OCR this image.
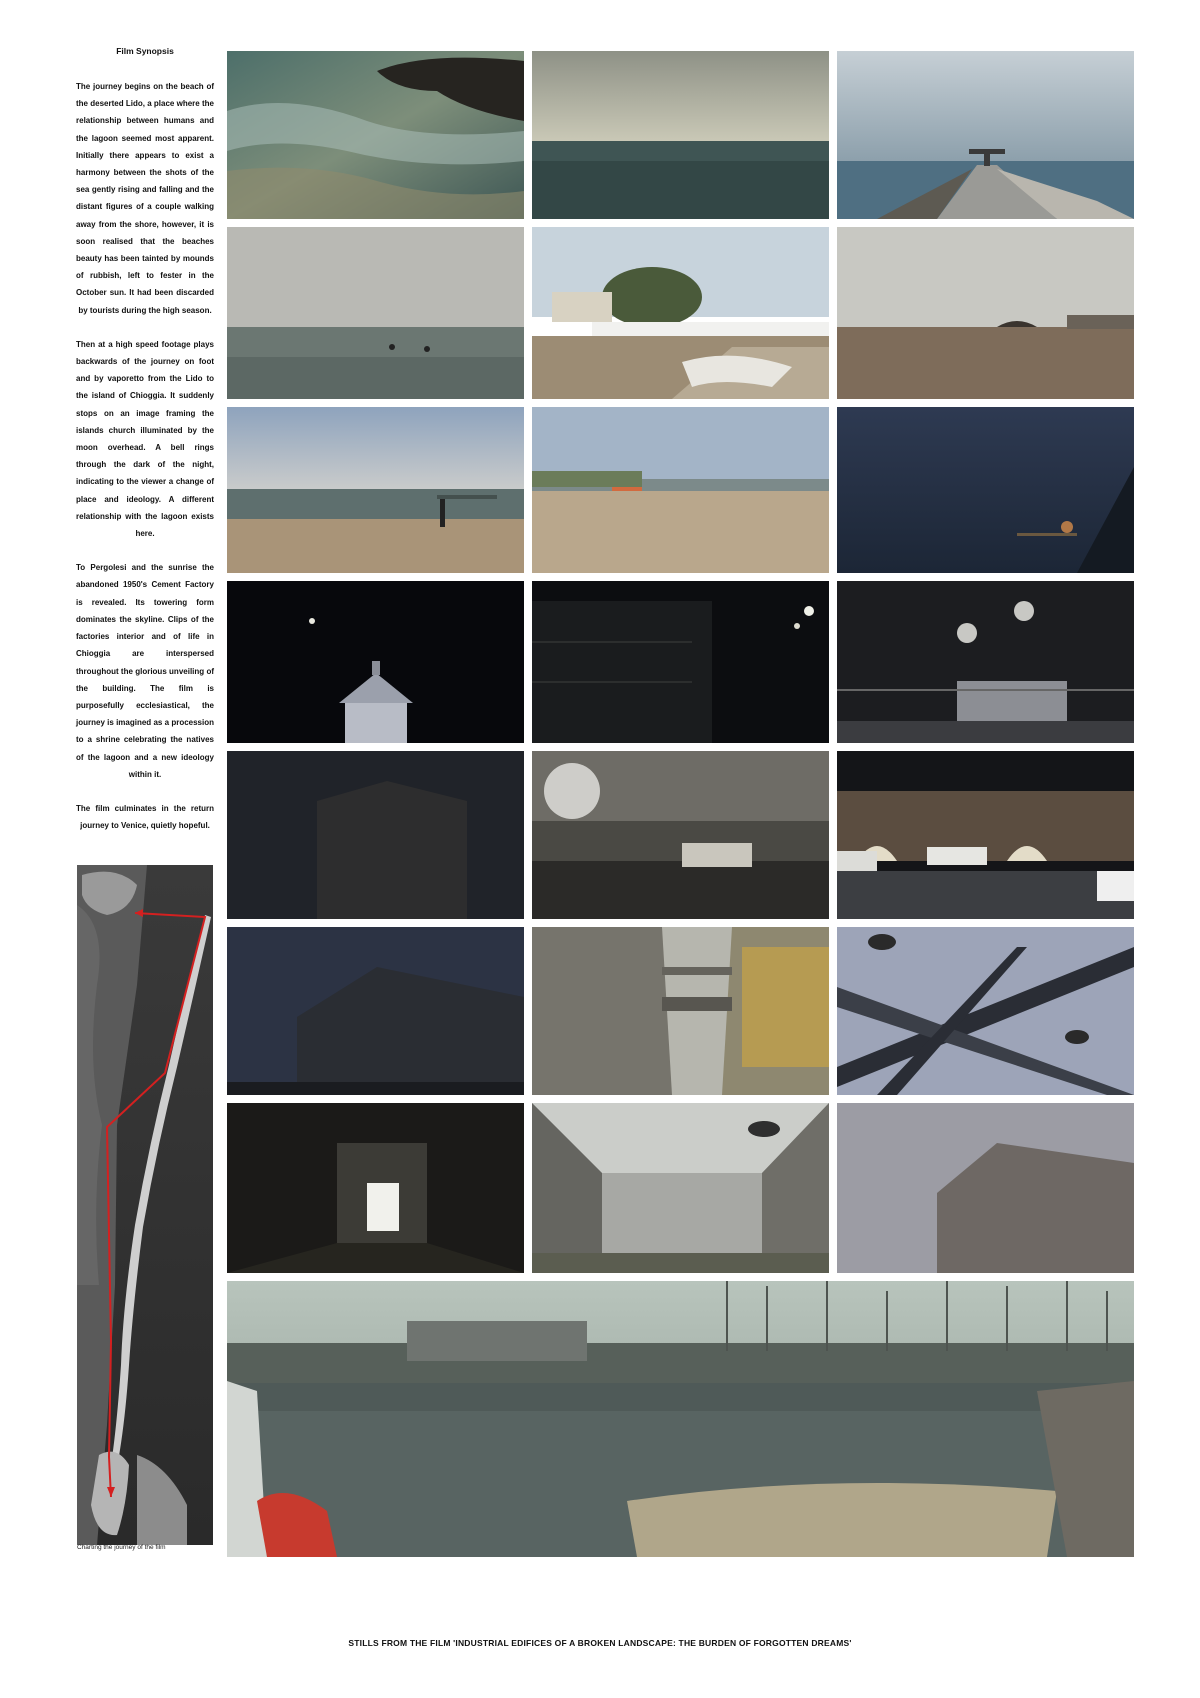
Film Synopsis

The journey begins on the beach of the deserted Lido, a place where the relationship between humans and the lagoon seemed most apparent. Initially there appears to exist a harmony between the shots of the sea gently rising and falling and the distant figures of a couple walking away from the shore, however, it is soon realised that the beaches beauty has been tainted by mounds of rubbish, left to fester in the October sun. It had been discarded by tourists during the high season.

Then at a high speed footage plays backwards of the journey on foot and by vaporetto from the Lido to the island of Chioggia. It suddenly stops on an image framing the islands church illuminated by the moon overhead. A bell rings through the dark of the night, indicating to the viewer a change of place and ideology. A different relationship with the lagoon exists here.

To Pergolesi and the sunrise the abandoned 1950's Cement Factory is revealed. Its towering form dominates the skyline. Clips of the factories interior and of life in Chioggia are interspersed throughout the glorious unveiling of the building. The film is purposefully ecclesiastical, the journey is imagined as a procession to a shrine celebrating the natives of the lagoon and a new ideology within it.

The film culminates in the return journey to Venice, quietly hopeful.

Charting the journey of the film
STILLS FROM THE FILM 'INDUSTRIAL EDIFICES OF A BROKEN LANDSCAPE: THE BURDEN OF FORGOTTEN DREAMS'
